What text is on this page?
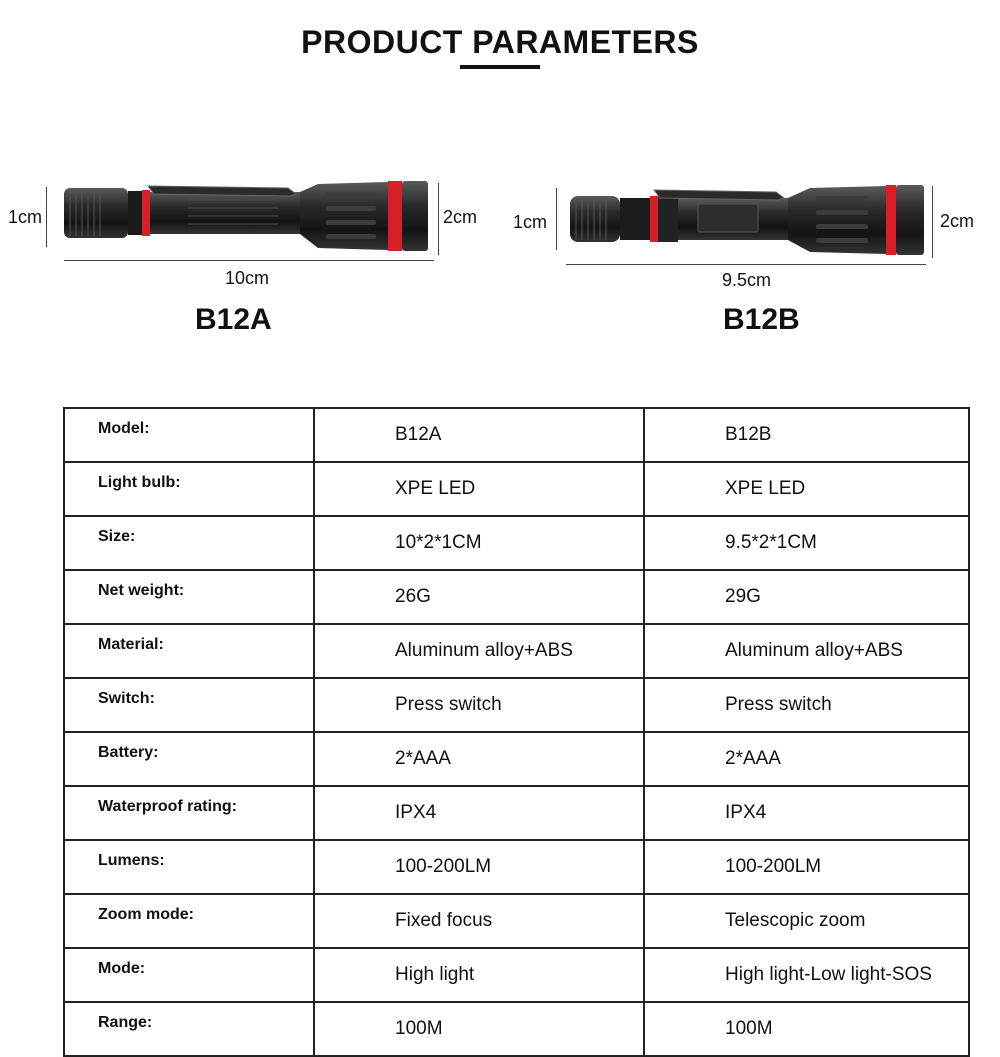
PRODUCT PARAMETERS
1cm	2cm
10cm
B12A
1cm	2cm
9.5cm
B12B
Model:	B12A	B12B
Light bulb:	XPE LED	XPE LED
Size:	10*2*1CM	9.5*2*1CM
Net weight:	26G	29G
Material:	Aluminum alloy+ABS	Aluminum alloy+ABS
Switch:	Press switch	Press switch
Battery:	2*AAA	2*AAA
Waterproof rating:	IPX4	IPX4
Lumens:	100-200LM	100-200LM
Zoom mode:	Fixed focus	Telescopic zoom
Mode:	High light	High light-Low light-SOS
Range:	100M	100M
